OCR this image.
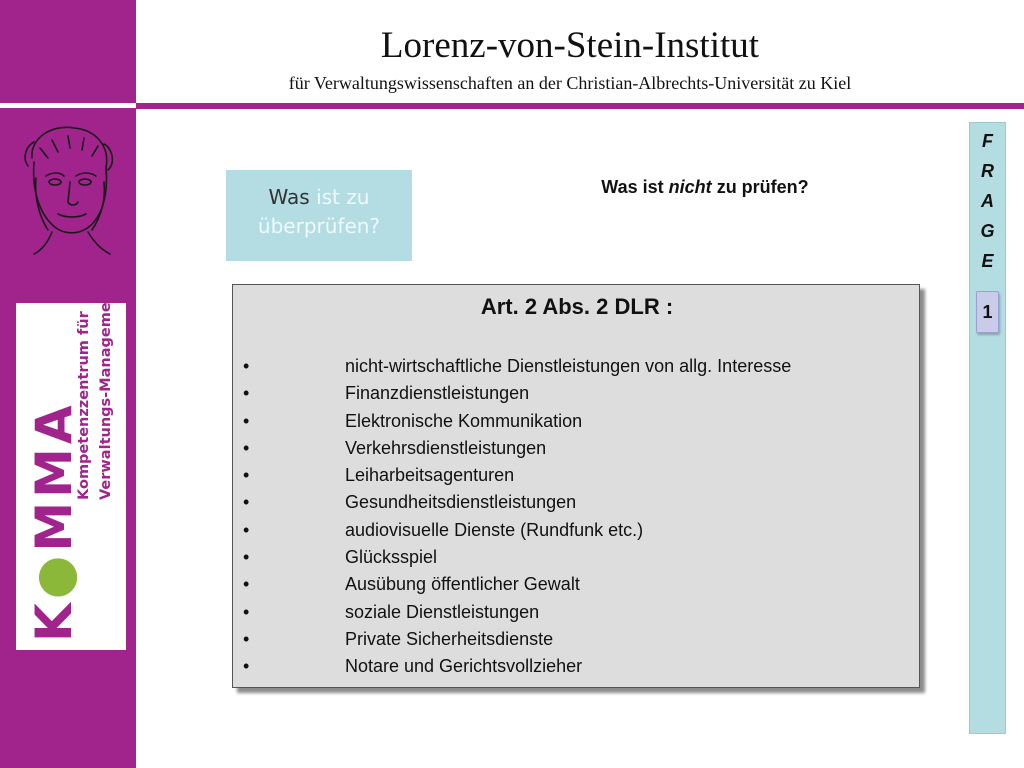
Lorenz-von-Stein-Institut
für Verwaltungswissenschaften an der Christian-Albrechts-Universität zu Kiel
K●MMA
Kompetenzzentrum für Verwaltungs-Management
F
R
A
G
E
1
Was ist zu überprüfen?
Was ist nicht zu prüfen?
Art. 2 Abs. 2 DLR :
•	nicht-wirtschaftliche Dienstleistungen von allg. Interesse
•	Finanzdienstleistungen
•	Elektronische Kommunikation
•	Verkehrsdienstleistungen
•	Leiharbeitsagenturen
•	Gesundheitsdienstleistungen
•	audiovisuelle Dienste (Rundfunk etc.)
•	Glücksspiel
•	Ausübung öffentlicher Gewalt
•	soziale Dienstleistungen
•	Private Sicherheitsdienste
•	Notare und Gerichtsvollzieher
